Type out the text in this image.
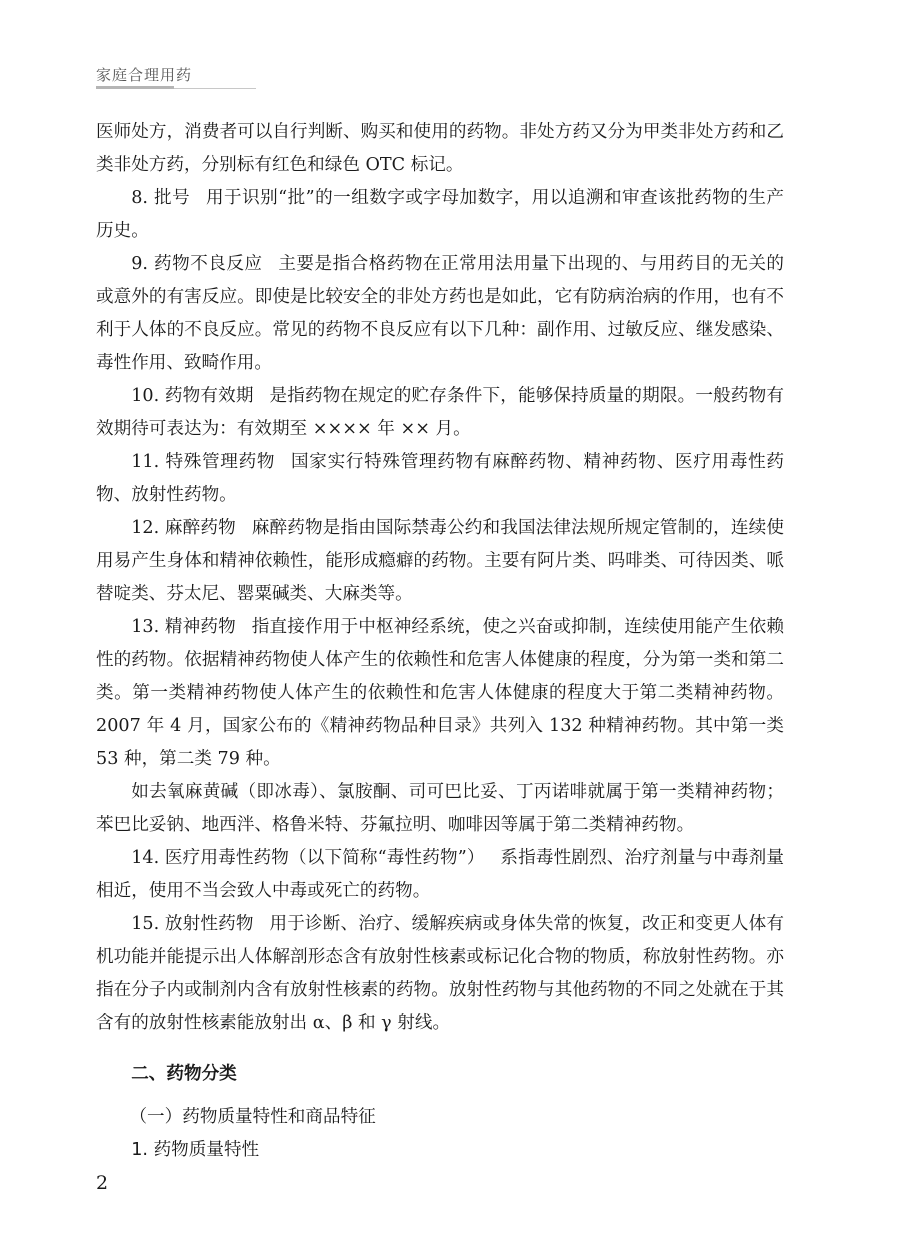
家庭合理用药

医师处方，消费者可以自行判断、购买和使用的药物。非处方药又分为甲类非处方药和乙类非处方药，分别标有红色和绿色 OTC 标记。

8. 批号 用于识别“批”的一组数字或字母加数字，用以追溯和审查该批药物的生产历史。

9. 药物不良反应 主要是指合格药物在正常用法用量下出现的、与用药目的无关的或意外的有害反应。即使是比较安全的非处方药也是如此，它有防病治病的作用，也有不利于人体的不良反应。常见的药物不良反应有以下几种：副作用、过敏反应、继发感染、毒性作用、致畸作用。

10. 药物有效期 是指药物在规定的贮存条件下，能够保持质量的期限。一般药物有效期待可表达为：有效期至 ×××× 年 ×× 月。

11. 特殊管理药物 国家实行特殊管理药物有麻醉药物、精神药物、医疗用毒性药物、放射性药物。

12. 麻醉药物 麻醉药物是指由国际禁毒公约和我国法律法规所规定管制的，连续使用易产生身体和精神依赖性，能形成瘾癖的药物。主要有阿片类、吗啡类、可待因类、哌替啶类、芬太尼、罂粟碱类、大麻类等。

13. 精神药物 指直接作用于中枢神经系统，使之兴奋或抑制，连续使用能产生依赖性的药物。依据精神药物使人体产生的依赖性和危害人体健康的程度，分为第一类和第二类。第一类精神药物使人体产生的依赖性和危害人体健康的程度大于第二类精神药物。2007 年 4 月，国家公布的《精神药物品种目录》共列入 132 种精神药物。其中第一类 53 种，第二类 79 种。

如去氧麻黄碱（即冰毒）、氯胺酮、司可巴比妥、丁丙诺啡就属于第一类精神药物；苯巴比妥钠、地西泮、格鲁米特、芬氟拉明、咖啡因等属于第二类精神药物。

14. 医疗用毒性药物（以下简称“毒性药物”） 系指毒性剧烈、治疗剂量与中毒剂量相近，使用不当会致人中毒或死亡的药物。

15. 放射性药物 用于诊断、治疗、缓解疾病或身体失常的恢复，改正和变更人体有机功能并能提示出人体解剖形态含有放射性核素或标记化合物的物质，称放射性药物。亦指在分子内或制剂内含有放射性核素的药物。放射性药物与其他药物的不同之处就在于其含有的放射性核素能放射出 α、β 和 γ 射线。

二、药物分类
（一）药物质量特性和商品特征
1. 药物质量特性
2
